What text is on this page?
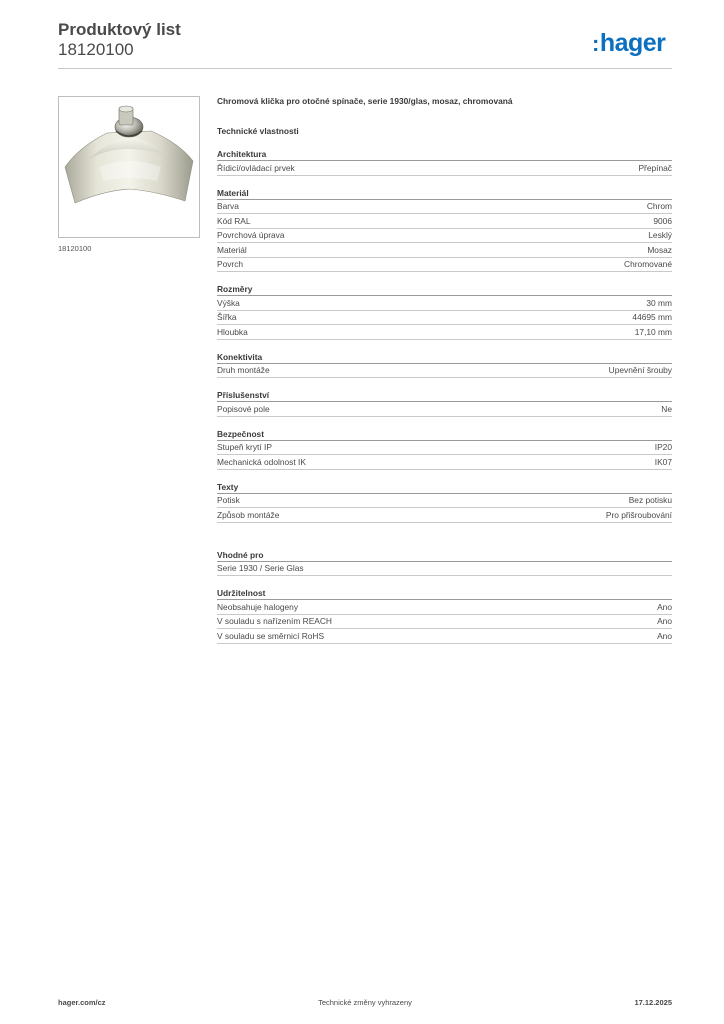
Produktový list
18120100	:hager
18120100
Chromová klička pro otočné spínače, serie 1930/glas, mosaz, chromovaná
Technické vlastnosti
Architektura
Řídicí/ovládací prvek	Přepínač
Materiál
Barva	Chrom
Kód RAL	9006
Povrchová úprava	Lesklý
Materiál	Mosaz
Povrch	Chromované
Rozměry
Výška	30 mm
Šířka	44695 mm
Hloubka	17,10 mm
Konektivita
Druh montáže	Upevnění šrouby
Příslušenství
Popisové pole	Ne
Bezpečnost
Stupeň krytí IP	IP20
Mechanická odolnost IK	IK07
Texty
Potisk	Bez potisku
Způsob montáže	Pro přišroubování
Vhodné pro
Serie 1930 / Serie Glas
Udržitelnost
Neobsahuje halogeny	Ano
V souladu s nařízením REACH	Ano
V souladu se směrnicí RoHS	Ano
Technické změny vyhrazeny
hager.com/cz	17.12.2025
